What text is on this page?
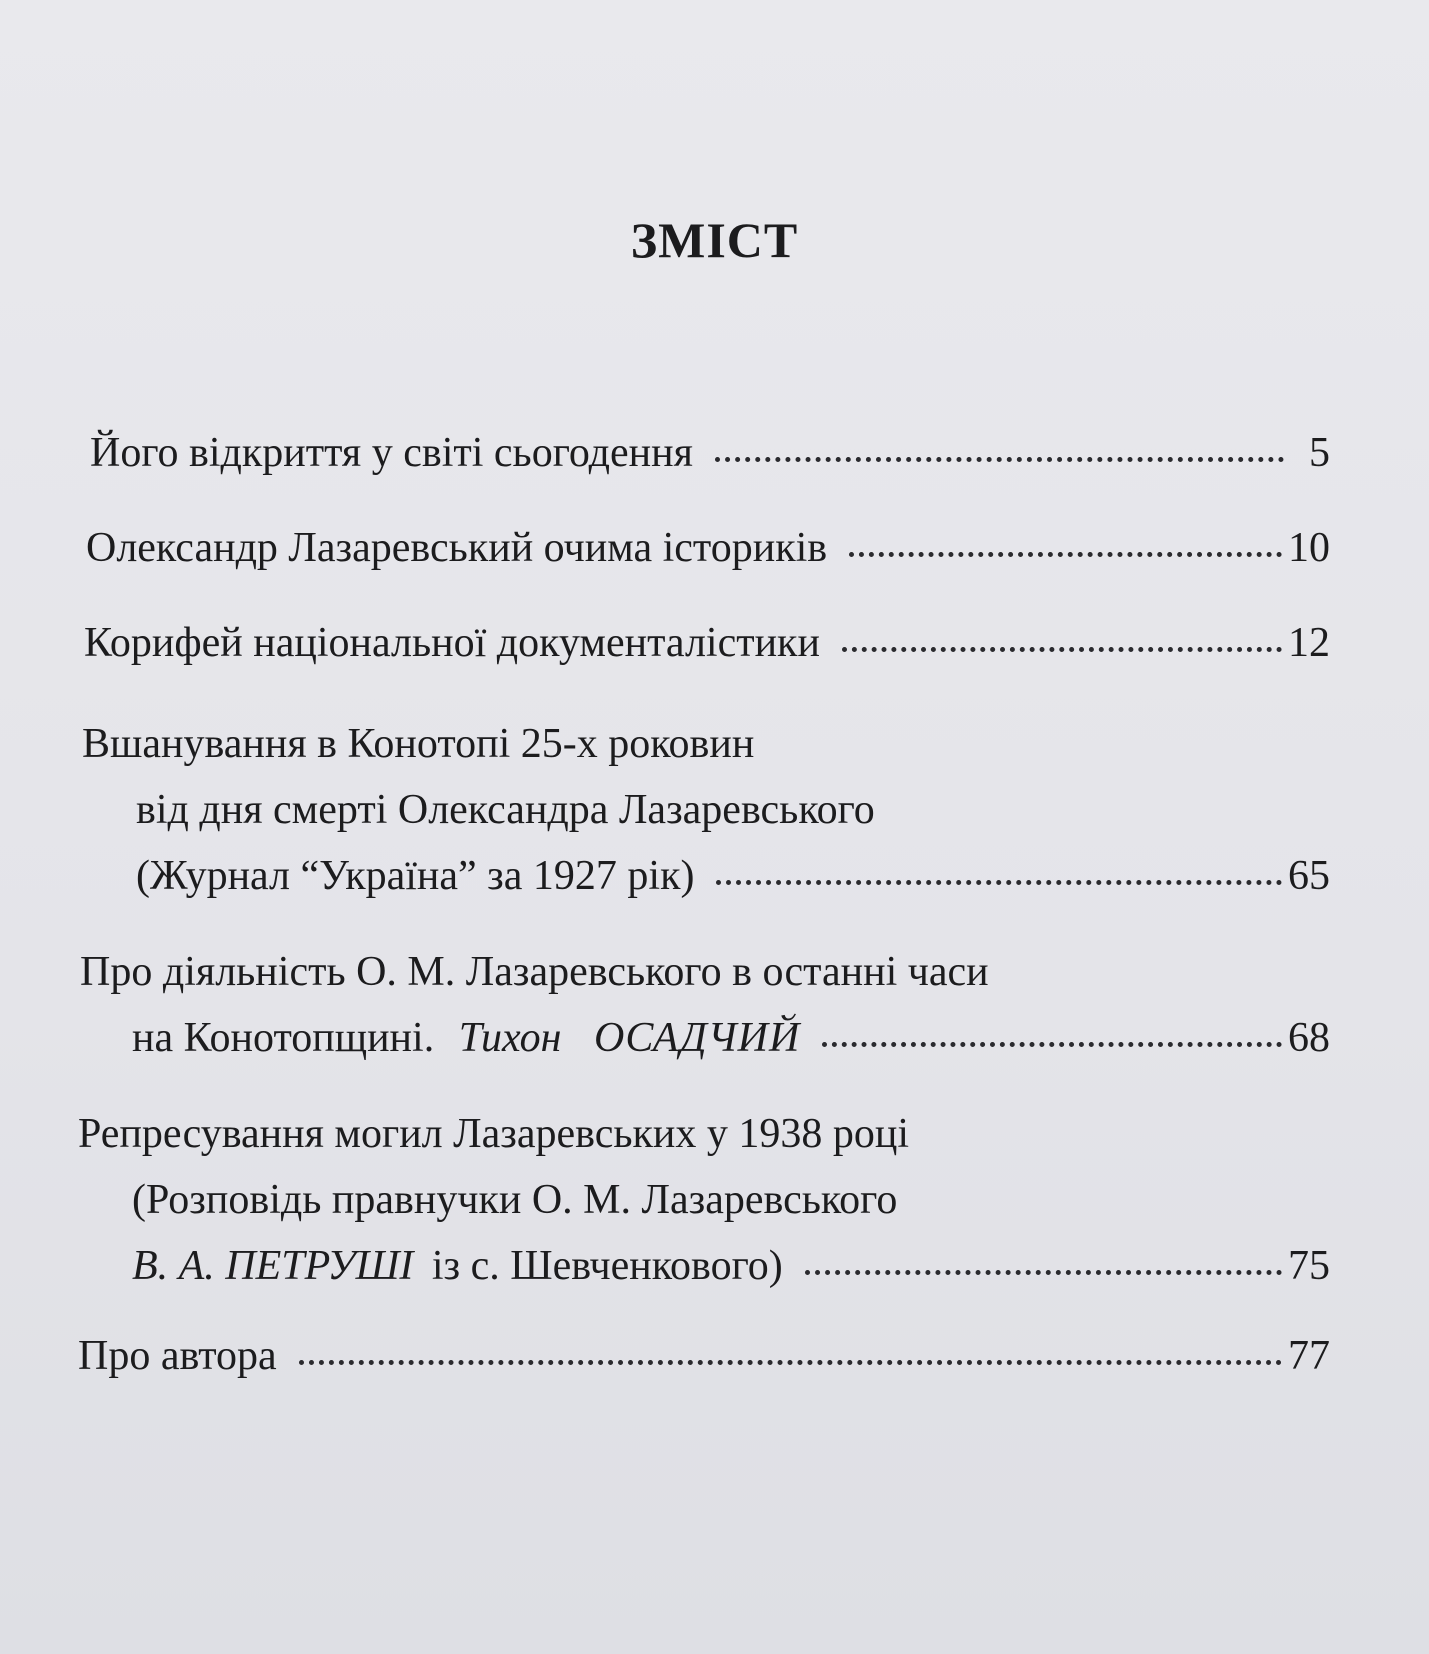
ЗМІСТ
Його відкриття у світі сьогодення	5
Олександр Лазаревський очима істориків	10
Корифей національної документалістики	12
Вшанування в Конотопі 25-х роковин
від дня смерті Олександра Лазаревського
(Журнал “Україна” за 1927 рік)	65
Про діяльність О. М. Лазаревського в останні часи
на Конотопщині. Тихон ОСАДЧИЙ	68
Репресування могил Лазаревських у 1938 році
(Розповідь правнучки О. М. Лазаревського
В. А. ПЕТРУШІ із с. Шевченкового)	75
Про автора	77
